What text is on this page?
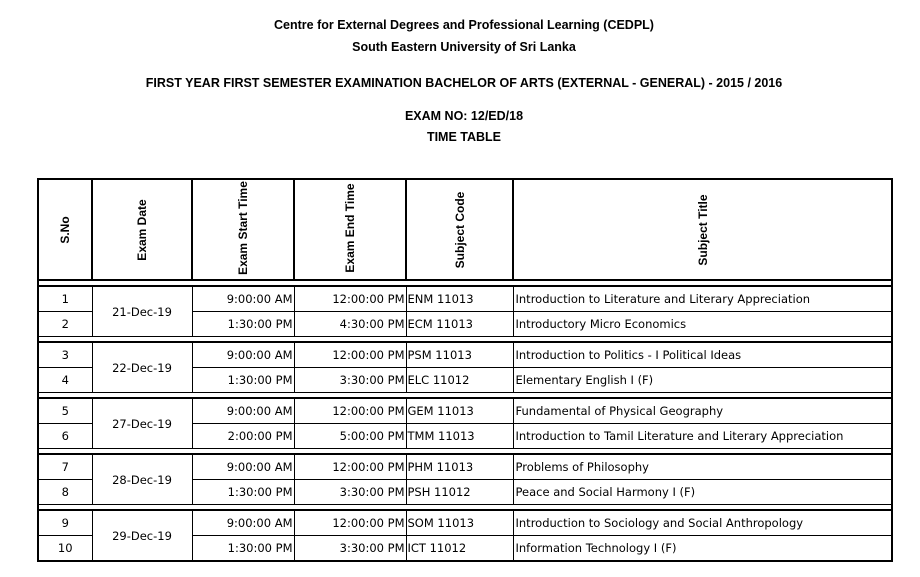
Centre for External Degrees and Professional Learning (CEDPL)
South Eastern University of Sri Lanka
FIRST YEAR FIRST SEMESTER EXAMINATION BACHELOR OF ARTS (EXTERNAL - GENERAL) - 2015 / 2016
EXAM NO: 12/ED/18
TIME TABLE
S.No	Exam Date	Exam Start Time	Exam End Time	Subject Code	Subject Title

1	21-Dec-19	9:00:00 AM	12:00:00 PM	ENM 11013	Introduction to Literature and Literary Appreciation
2		1:30:00 PM	4:30:00 PM	ECM 11013	Introductory Micro Economics

3	22-Dec-19	9:00:00 AM	12:00:00 PM	PSM 11013	Introduction to Politics - I Political Ideas
4		1:30:00 PM	3:30:00 PM	ELC 11012	Elementary English I (F)

5	27-Dec-19	9:00:00 AM	12:00:00 PM	GEM 11013	Fundamental of Physical Geography
6		2:00:00 PM	5:00:00 PM	TMM 11013	Introduction to Tamil Literature and Literary Appreciation

7	28-Dec-19	9:00:00 AM	12:00:00 PM	PHM 11013	Problems of Philosophy
8		1:30:00 PM	3:30:00 PM	PSH 11012	Peace and Social Harmony I (F)

9	29-Dec-19	9:00:00 AM	12:00:00 PM	SOM 11013	Introduction to Sociology and Social Anthropology
10		1:30:00 PM	3:30:00 PM	ICT 11012	Information Technology I (F)
